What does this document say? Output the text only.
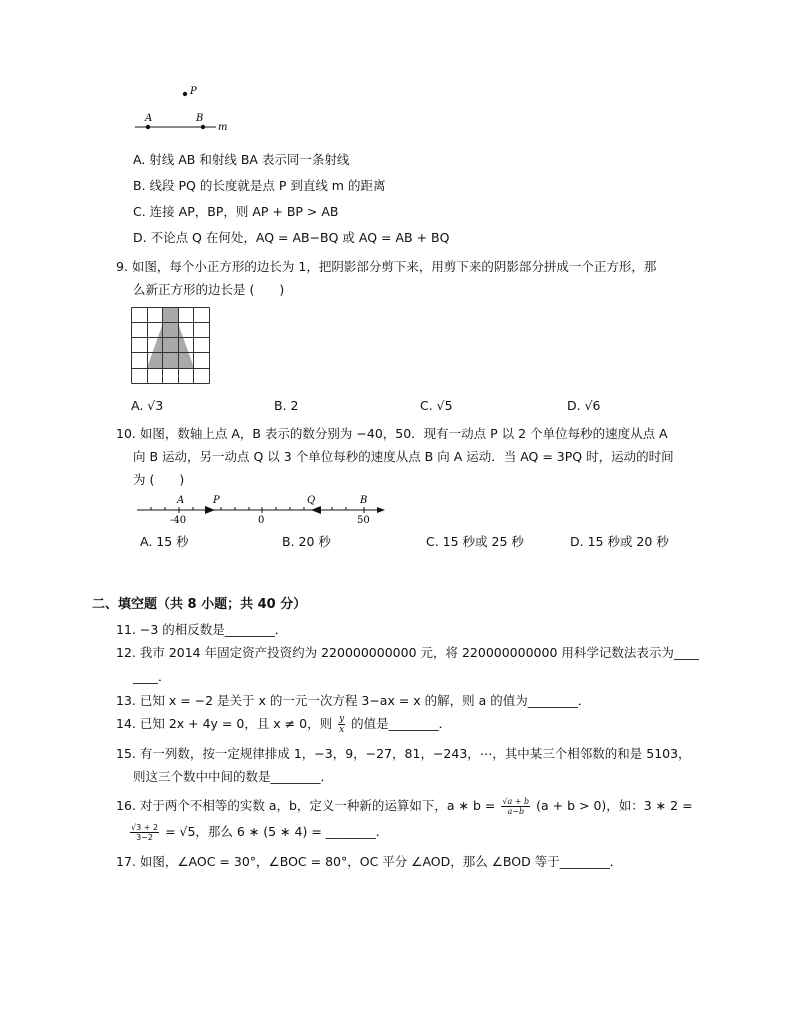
P
A	B
m
A. 射线 AB 和射线 BA 表示同一条射线
B. 线段 PQ 的长度就是点 P 到直线 m 的距离
C. 连接 AP，BP，则 AP + BP > AB
D. 不论点 Q 在何处，AQ = AB−BQ 或 AQ = AB + BQ
9. 如图，每个小正方形的边长为 1，把阴影部分剪下来，用剪下来的阴影部分拼成一个正方形，那
么新正方形的边长是 (　　)
A. √3	B. 2	C. √5	D. √6
10. 如图，数轴上点 A，B 表示的数分别为 −40，50．现有一动点 P 以 2 个单位每秒的速度从点 A
向 B 运动，另一动点 Q 以 3 个单位每秒的速度从点 B 向 A 运动．当 AQ = 3PQ 时，运动的时间
为 (　　)
A	P	Q	B
-40	0	50
A. 15 秒	B. 20 秒	C. 15 秒或 25 秒	D. 15 秒或 20 秒
二、填空题（共 8 小题；共 40 分）
11. −3 的相反数是________．
12. 我市 2014 年固定资产投资约为 220000000000 元，将 220000000000 用科学记数法表示为____
____．
13. 已知 x = −2 是关于 x 的一元一次方程 3−ax = x 的解，则 a 的值为________．
14. 已知 2x + 4y = 0，且 x ≠ 0，则 $\frac{y}{x}$ 的值是________．
15. 有一列数，按一定规律排成 1，−3，9，−27，81，−243，⋯，其中某三个相邻数的和是 5103，
则这三个数中中间的数是________．
16. 对于两个不相等的实数 a，b，定义一种新的运算如下，a ∗ $b = \frac{√a + b}{a-b} (a + b > 0)$，如：3 ∗ 2 =
$\frac{√3 + 2}{3-2} = √5$，那么 6 ∗ (5 ∗ 4) = ________．
17. 如图，∠AOC = 30°，∠BOC = 80°，OC 平分 ∠AOD，那么 ∠BOD 等于________．
